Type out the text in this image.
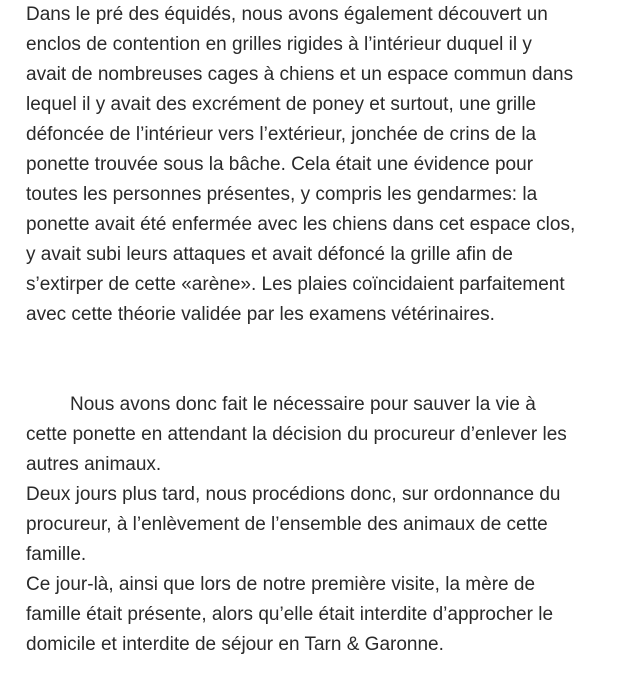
Dans le pré des équidés, nous avons également découvert un
enclos de contention en grilles rigides à l’intérieur duquel il y
avait de nombreuses cages à chiens et un espace commun dans
lequel il y avait des excrément de poney et surtout, une grille
défoncée de l’intérieur vers l’extérieur, jonchée de crins de la
ponette trouvée sous la bâche. Cela était une évidence pour
toutes les personnes présentes, y compris les gendarmes: la
ponette avait été enfermée avec les chiens dans cet espace clos,
y avait subi leurs attaques et avait défoncé la grille afin de
s’extirper de cette «arène». Les plaies coïncidaient parfaitement
avec cette théorie validée par les examens vétérinaires.

Nous avons donc fait le nécessaire pour sauver la vie à
cette ponette en attendant la décision du procureur d’enlever les
autres animaux.
Deux jours plus tard, nous procédions donc, sur ordonnance du
procureur, à l’enlèvement de l’ensemble des animaux de cette
famille.
Ce jour-là, ainsi que lors de notre première visite, la mère de
famille était présente, alors qu’elle était interdite d’approcher le
domicile et interdite de séjour en Tarn & Garonne.
